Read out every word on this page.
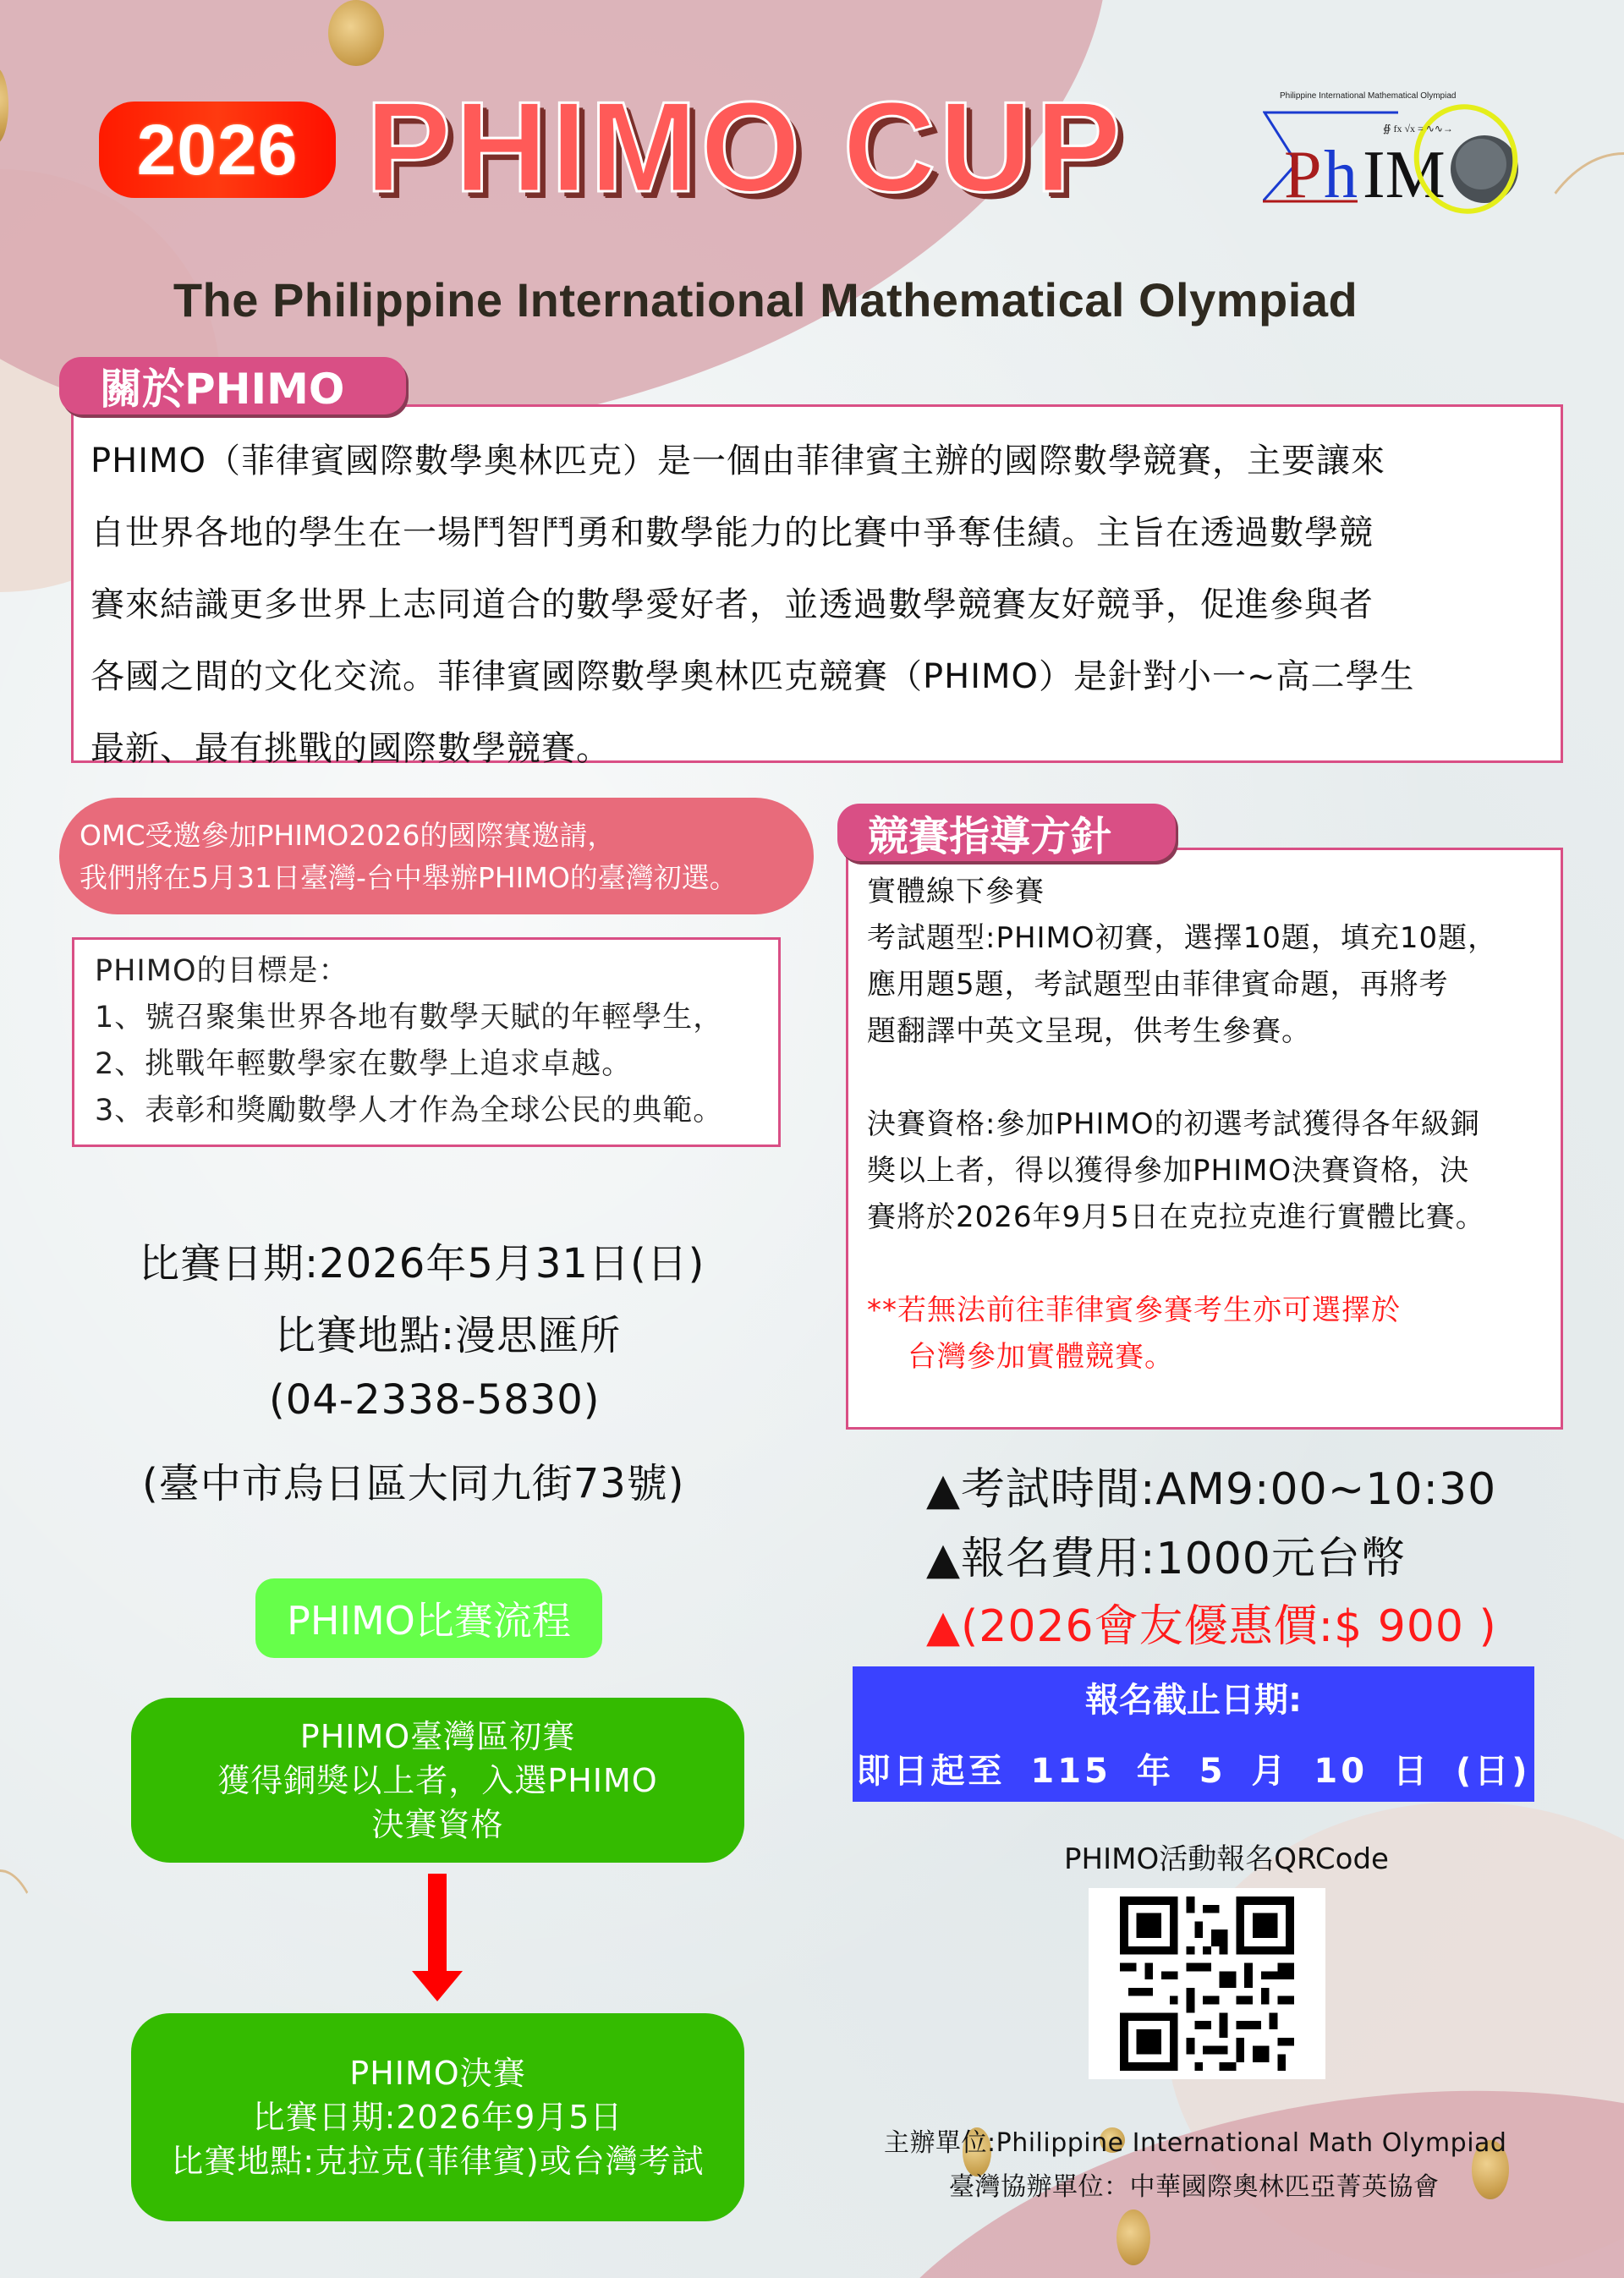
2026 PHIMO CUP	Philippine International Mathematical Olympiad
P h IM
∯ fx √x = ∿∿→
The Philippine International Mathematical Olympiad

PHIMO（菲律賓國際數學奧林匹克）是一個由菲律賓主辦的國際數學競賽，主要讓來

自世界各地的學生在一場鬥智鬥勇和數學能力的比賽中爭奪佳績。主旨在透過數學競

賽來結識更多世界上志同道合的數學愛好者，並透過數學競賽友好競爭，促進參與者

各國之間的文化交流。菲律賓國際數學奧林匹克競賽（PHIMO）是針對小一~高二學生

最新、最有挑戰的國際數學競賽。

關於PHIMO

OMC受邀參加PHIMO2026的國際賽邀請，

我們將在5月31日臺灣-台中舉辦PHIMO的臺灣初選。

PHIMO的目標是：

1、號召聚集世界各地有數學天賦的年輕學生，

2、挑戰年輕數學家在數學上追求卓越。

3、表彰和獎勵數學人才作為全球公民的典範。

比賽日期:2026年5月31日(日)
比賽地點:漫思匯所
(04-2338-5830)
(臺中市烏日區大同九街73號)
PHIMO比賽流程

PHIMO臺灣區初賽

獲得銅獎以上者，入選PHIMO

決賽資格

PHIMO決賽

比賽日期:2026年9月5日

比賽地點:克拉克(菲律賓)或台灣考試

實體線下參賽

考試題型:PHIMO初賽，選擇10題，填充10題，

應用題5題，考試題型由菲律賓命題，再將考

題翻譯中英文呈現，供考生參賽。

決賽資格:參加PHIMO的初選考試獲得各年級銅

獎以上者，得以獲得參加PHIMO決賽資格，決

賽將於2026年9月5日在克拉克進行實體比賽。

**若無法前往菲律賓參賽考生亦可選擇於

台灣參加實體競賽。

競賽指導方針
▲考試時間:AM9:00~10:30
▲報名費用:1000元台幣
▲(2026會友優惠價:$ 900 )
報名截止日期:
即日起至 115 年 5 月 10 日 (日)
PHIMO活動報名QRCode
主辦單位:Philippine International Math Olympiad
臺灣協辦單位：中華國際奧林匹亞菁英協會
